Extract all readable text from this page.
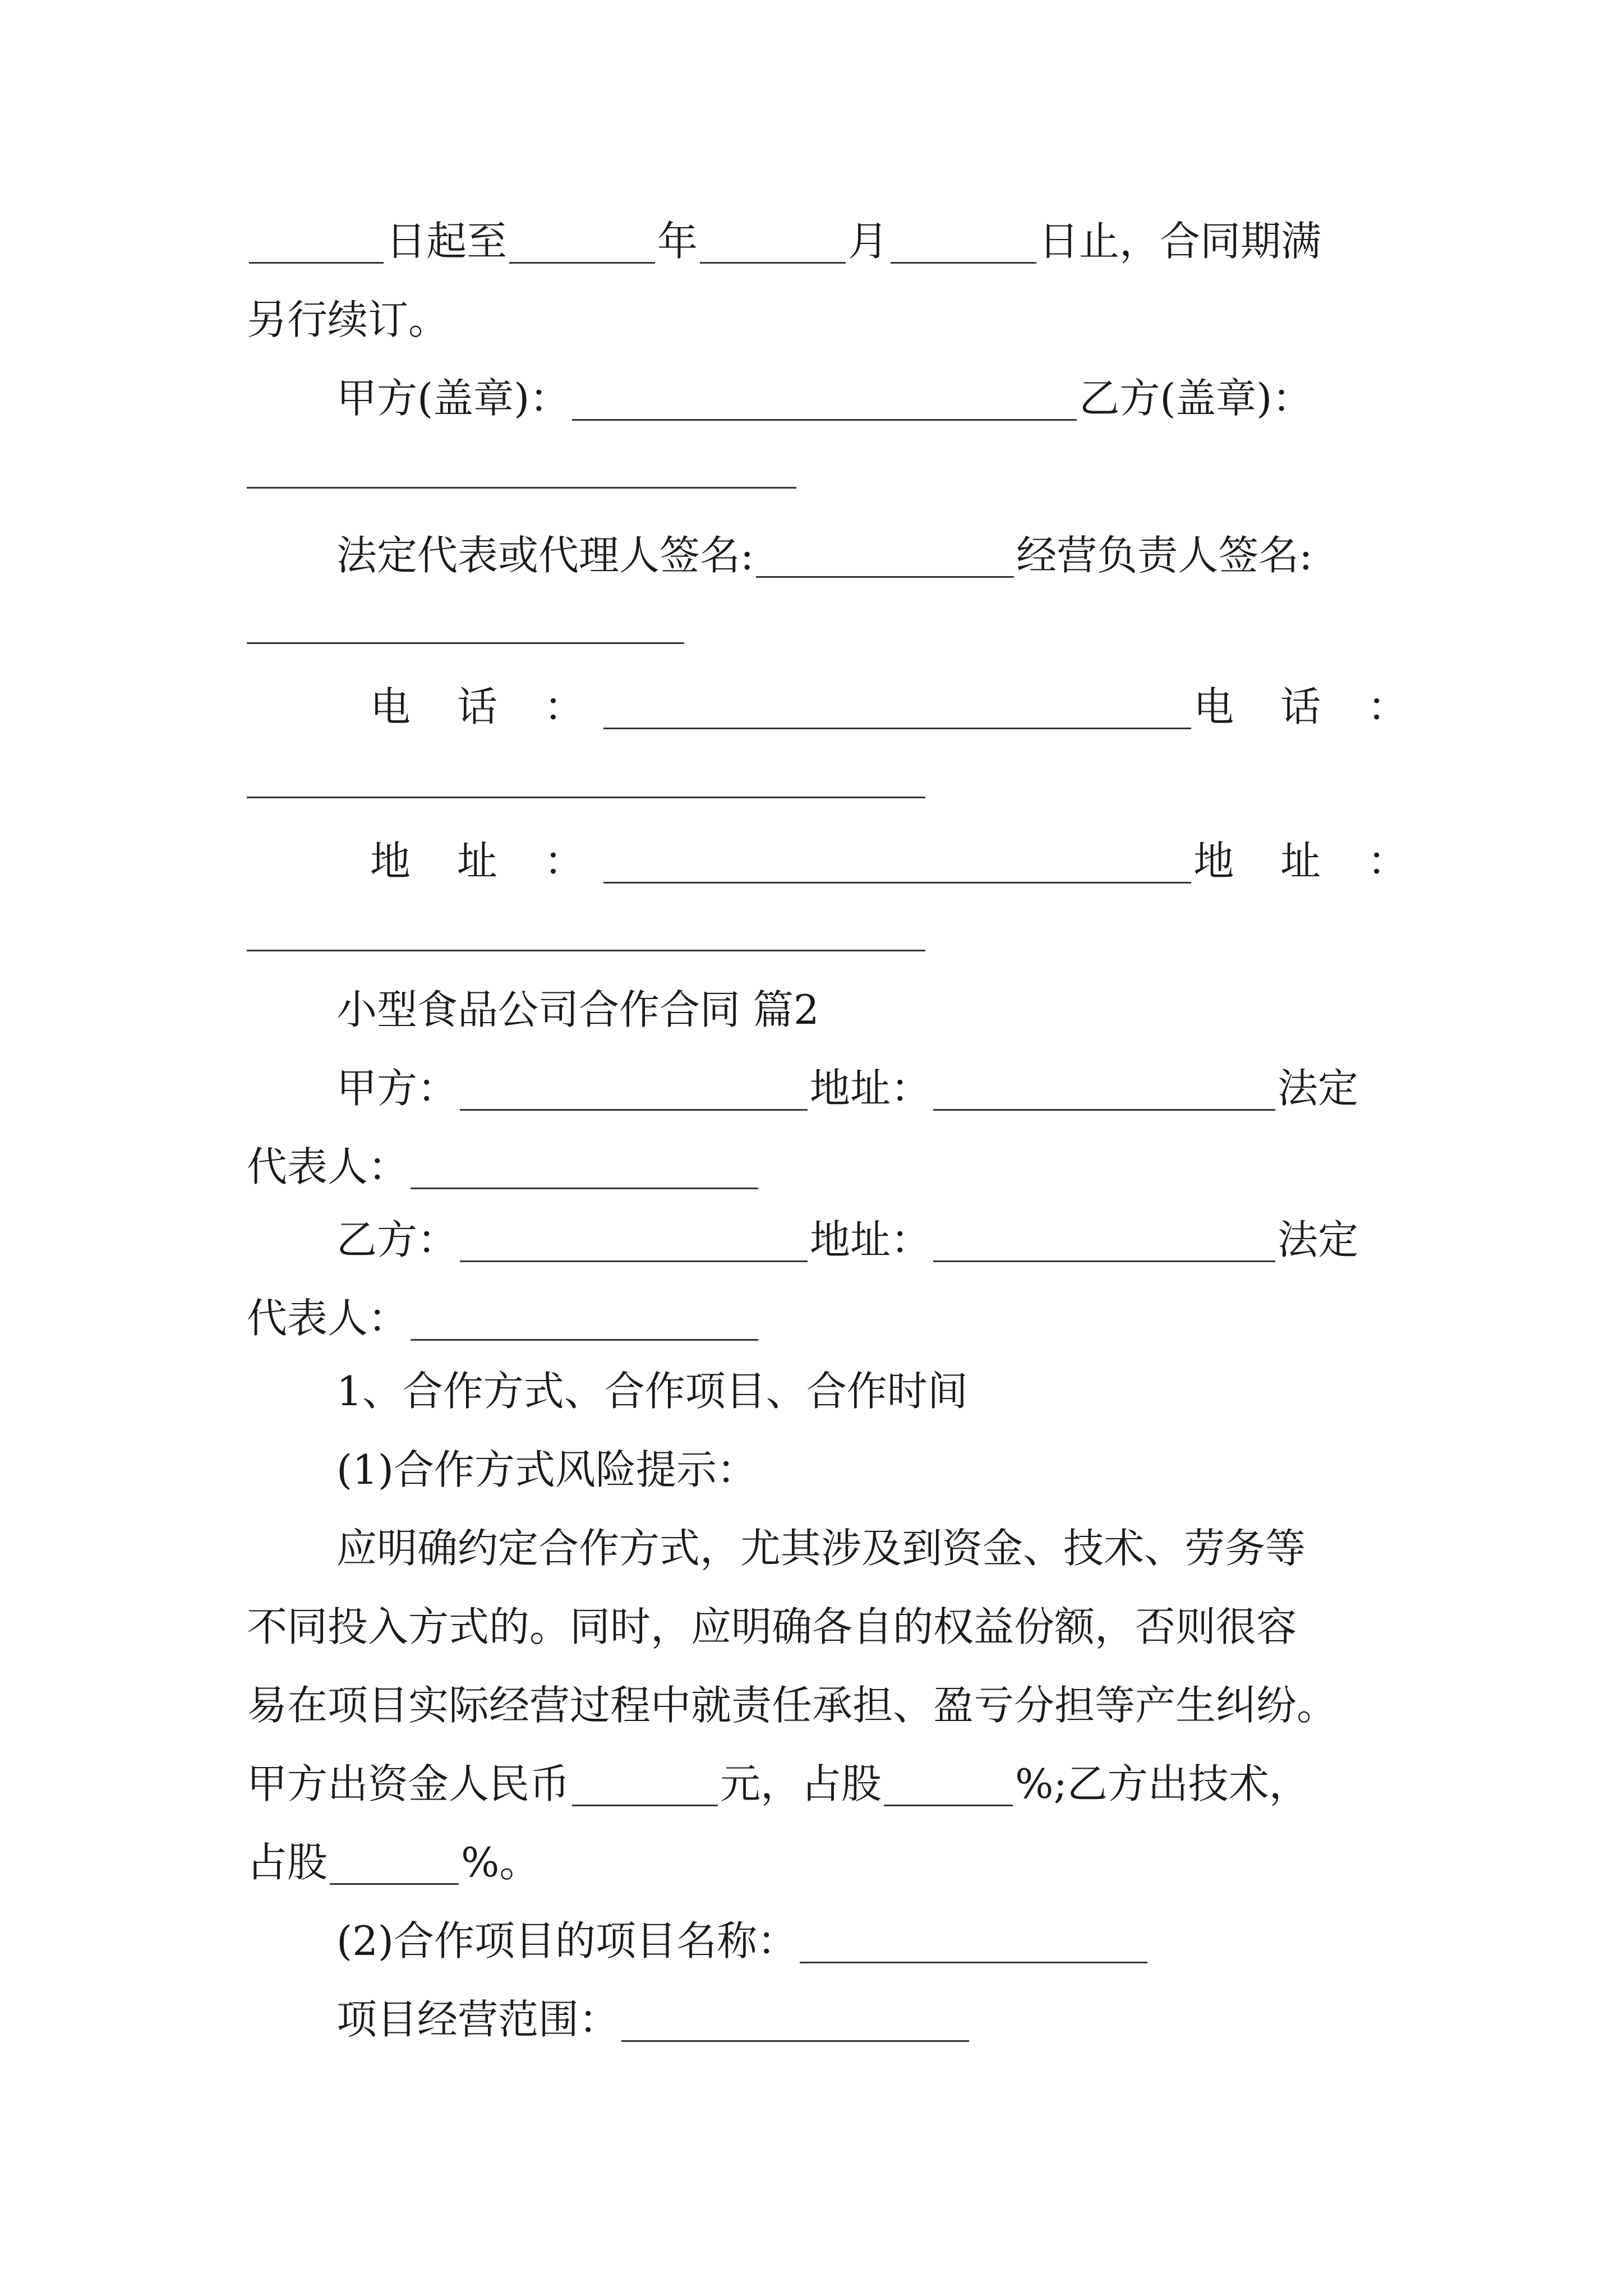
日起至	年	月	日止，合同期满
另行续订。
甲方(盖章)：	乙方(盖章)：
法定代表或代理人签名:	经营负责人签名:
电 话 ：	电 话 ：
地 址 ：	地 址 ：
小型食品公司合作合同 篇2
甲方：	地址：	法定
代表人：
乙方：	地址：	法定
代表人：
1、合作方式、合作项目、合作时间
(1)合作方式风险提示：
应明确约定合作方式，尤其涉及到资金、技术、劳务等
不同投入方式的。同时，应明确各自的权益份额，否则很容
易在项目实际经营过程中就责任承担、盈亏分担等产生纠纷。
甲方出资金人民币	元，占股	%;乙方出技术，
占股	%。
(2)合作项目的项目名称：
项目经营范围：
